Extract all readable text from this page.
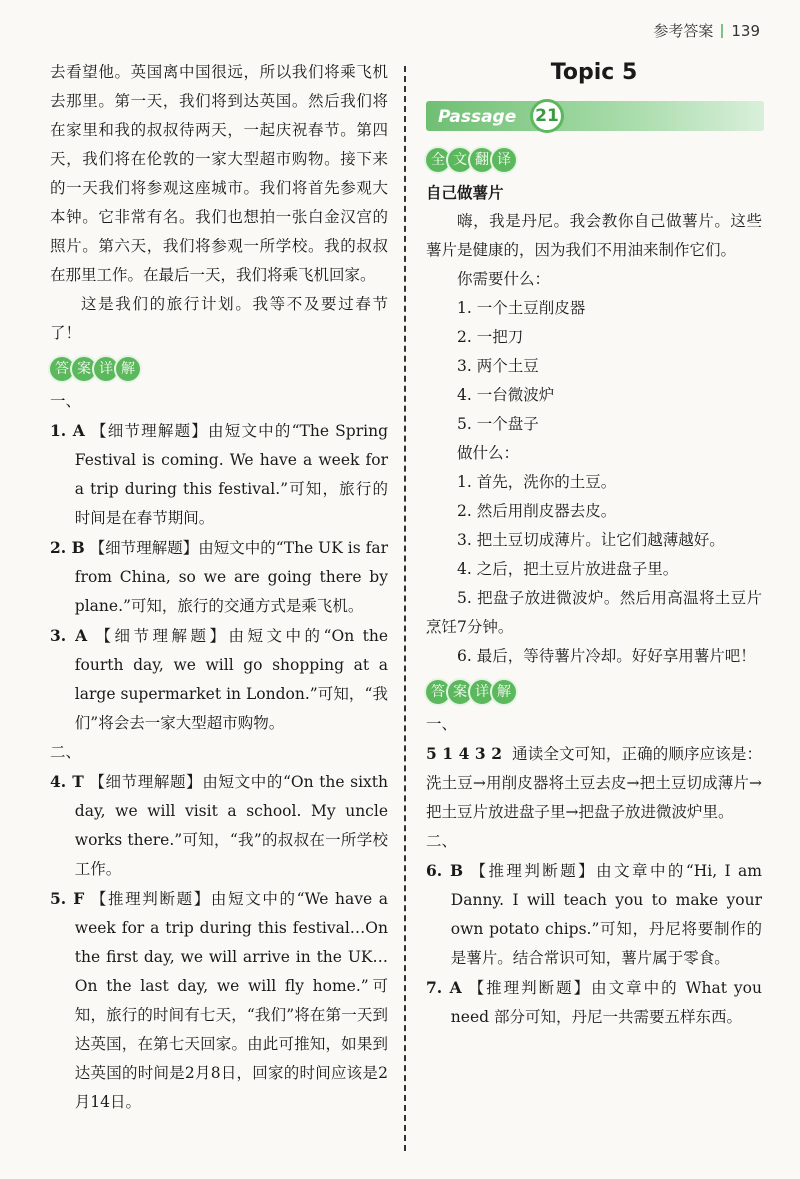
参考答案 139

去看望他。英国离中国很远，所以我们将乘飞机去那里。第一天，我们将到达英国。然后我们将在家里和我的叔叔待两天，一起庆祝春节。第四天，我们将在伦敦的一家大型超市购物。接下来的一天我们将参观这座城市。我们将首先参观大本钟。它非常有名。我们也想拍一张白金汉宫的照片。第六天，我们将参观一所学校。我的叔叔在那里工作。在最后一天，我们将乘飞机回家。

这是我们的旅行计划。我等不及要过春节了！

答 案 详 解

一、

1. A 【细节理解题】由短文中的“The Spring Festival is coming. We have a week for a trip during this festival.”可知，旅行的时间是在春节期间。

2. B 【细节理解题】由短文中的“The UK is far from China, so we are going there by plane.”可知，旅行的交通方式是乘飞机。

3. A 【细节理解题】由短文中的“On the fourth day, we will go shopping at a large supermarket in London.”可知，“我们”将会去一家大型超市购物。

二、

4. T 【细节理解题】由短文中的“On the sixth day, we will visit a school. My uncle works there.”可知，“我”的叔叔在一所学校工作。

5. F 【推理判断题】由短文中的“We have a week for a trip during this festival…On the first day, we will arrive in the UK…On the last day, we will fly home.”可知，旅行的时间有七天，“我们”将在第一天到达英国，在第七天回家。由此可推知，如果到达英国的时间是2月8日，回家的时间应该是2月14日。

Topic 5
Passage	21
全 文 翻 译

自己做薯片

嗨，我是丹尼。我会教你自己做薯片。这些薯片是健康的，因为我们不用油来制作它们。

你需要什么：

1. 一个土豆削皮器

2. 一把刀

3. 两个土豆

4. 一台微波炉

5. 一个盘子

做什么：

1. 首先，洗你的土豆。

2. 然后用削皮器去皮。

3. 把土豆切成薄片。让它们越薄越好。

4. 之后，把土豆片放进盘子里。

5. 把盘子放进微波炉。然后用高温将土豆片烹饪7分钟。

6. 最后，等待薯片冷却。好好享用薯片吧！

答 案 详 解

一、

5 1 4 3 2 通读全文可知，正确的顺序应该是：洗土豆→用削皮器将土豆去皮→把土豆切成薄片→把土豆片放进盘子里→把盘子放进微波炉里。

二、

6. B 【推理判断题】由文章中的“Hi, I am Danny. I will teach you to make your own potato chips.”可知，丹尼将要制作的是薯片。结合常识可知，薯片属于零食。

7. A 【推理判断题】由文章中的 What you need 部分可知，丹尼一共需要五样东西。
